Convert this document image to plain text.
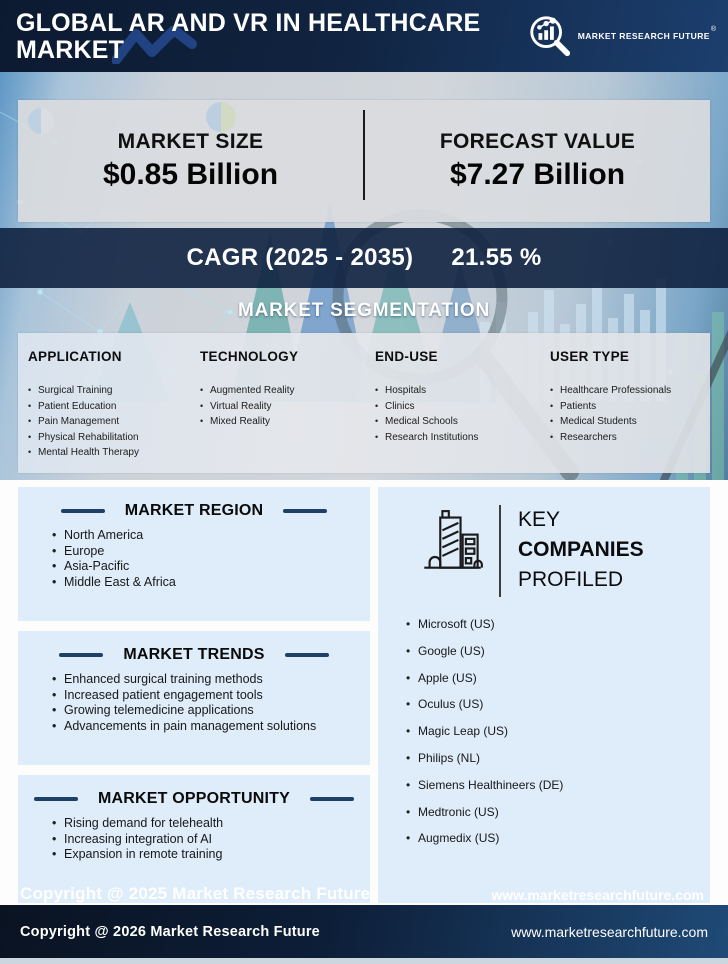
GLOBAL AR AND VR IN HEALTHCARE MARKET	MARKET RESEARCH FUTURE
®
MARKET SIZE
$0.85 Billion
FORECAST VALUE
$7.27 Billion
CAGR (2025 - 2035) 21.55 %
MARKET SEGMENTATION
APPLICATION
• Surgical Training
• Patient Education
• Pain Management
• Physical Rehabilitation
• Mental Health Therapy
TECHNOLOGY
• Augmented Reality
• Virtual Reality
• Mixed Reality
END-USE
• Hospitals
• Clinics
• Medical Schools
• Research Institutions
USER TYPE
• Healthcare Professionals
• Patients
• Medical Students
• Researchers
MARKET REGION
• North America
• Europe
• Asia-Pacific
• Middle East & Africa
MARKET TRENDS
• Enhanced surgical training methods
• Increased patient engagement tools
• Growing telemedicine applications
• Advancements in pain management solutions
MARKET OPPORTUNITY
• Rising demand for telehealth
• Increasing integration of AI
• Expansion in remote training
KEY
COMPANIES
PROFILED
• Microsoft (US)
• Google (US)
• Apple (US)
• Oculus (US)
• Magic Leap (US)
• Philips (NL)
• Siemens Healthineers (DE)
• Medtronic (US)
• Augmedix (US)
Copyright @ 2025 Market Research Future	www.marketresearchfuture.com
Copyright @ 2026 Market Research Future	www.marketresearchfuture.com
